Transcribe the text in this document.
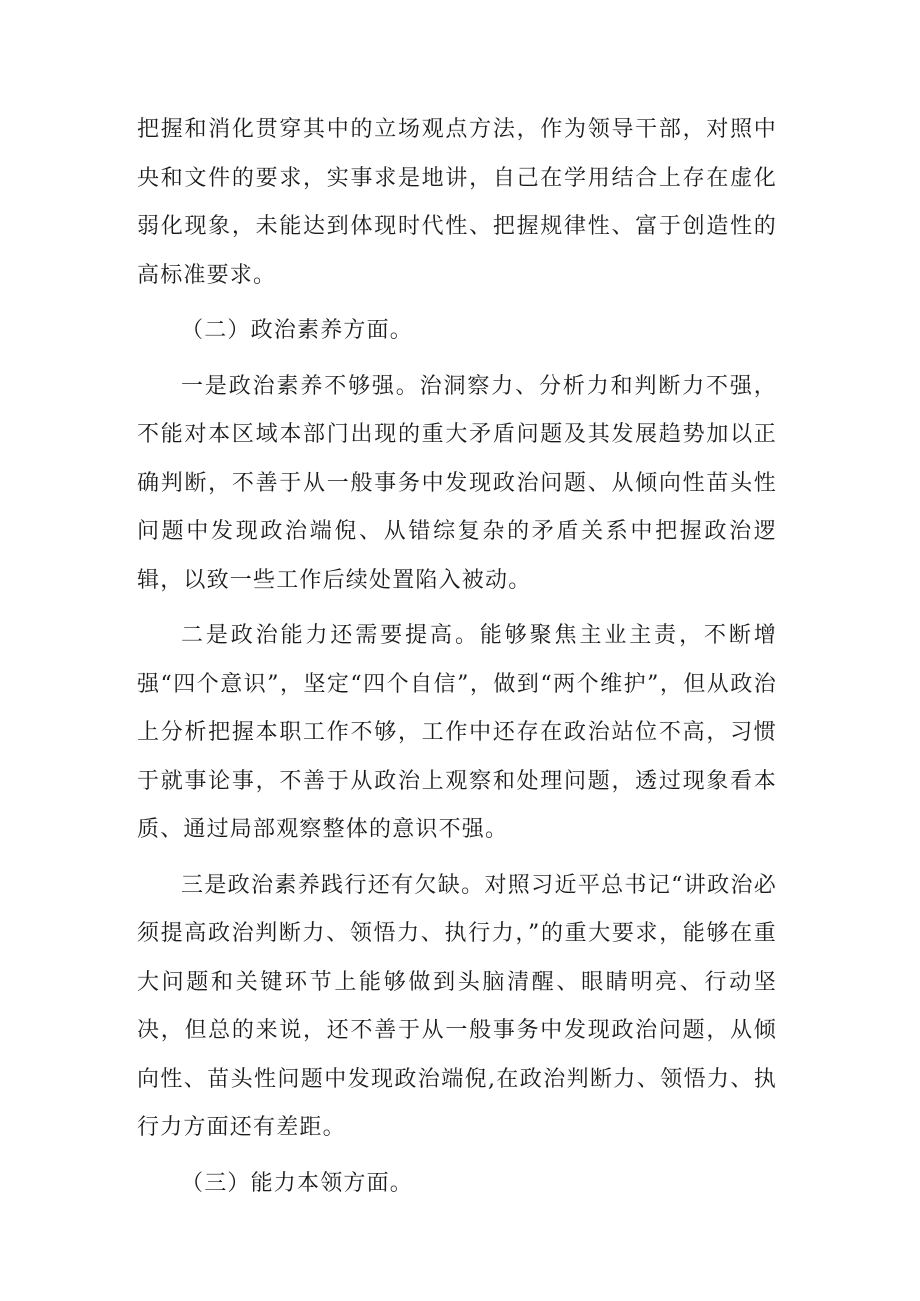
把握和消化贯穿其中的立场观点方法，作为领导干部，对照中央和文件的要求，实事求是地讲，自己在学用结合上存在虚化弱化现象，未能达到体现时代性、把握规律性、富于创造性的高标准要求。

（二）政治素养方面。

一是政治素养不够强。治洞察力、分析力和判断力不强，不能对本区域本部门出现的重大矛盾问题及其发展趋势加以正确判断，不善于从一般事务中发现政治问题、从倾向性苗头性问题中发现政治端倪、从错综复杂的矛盾关系中把握政治逻辑，以致一些工作后续处置陷入被动。

二是政治能力还需要提高。能够聚焦主业主责，不断增强“四个意识”，坚定“四个自信”，做到“两个维护”，但从政治上分析把握本职工作不够，工作中还存在政治站位不高，习惯于就事论事，不善于从政治上观察和处理问题，透过现象看本质、通过局部观察整体的意识不强。

三是政治素养践行还有欠缺。对照习近平总书记“讲政治必须提高政治判断力、领悟力、执行力，”的重大要求，能够在重大问题和关键环节上能够做到头脑清醒、眼睛明亮、行动坚决，但总的来说，还不善于从一般事务中发现政治问题，从倾向性、苗头性问题中发现政治端倪,在政治判断力、领悟力、执行力方面还有差距。

（三）能力本领方面。
